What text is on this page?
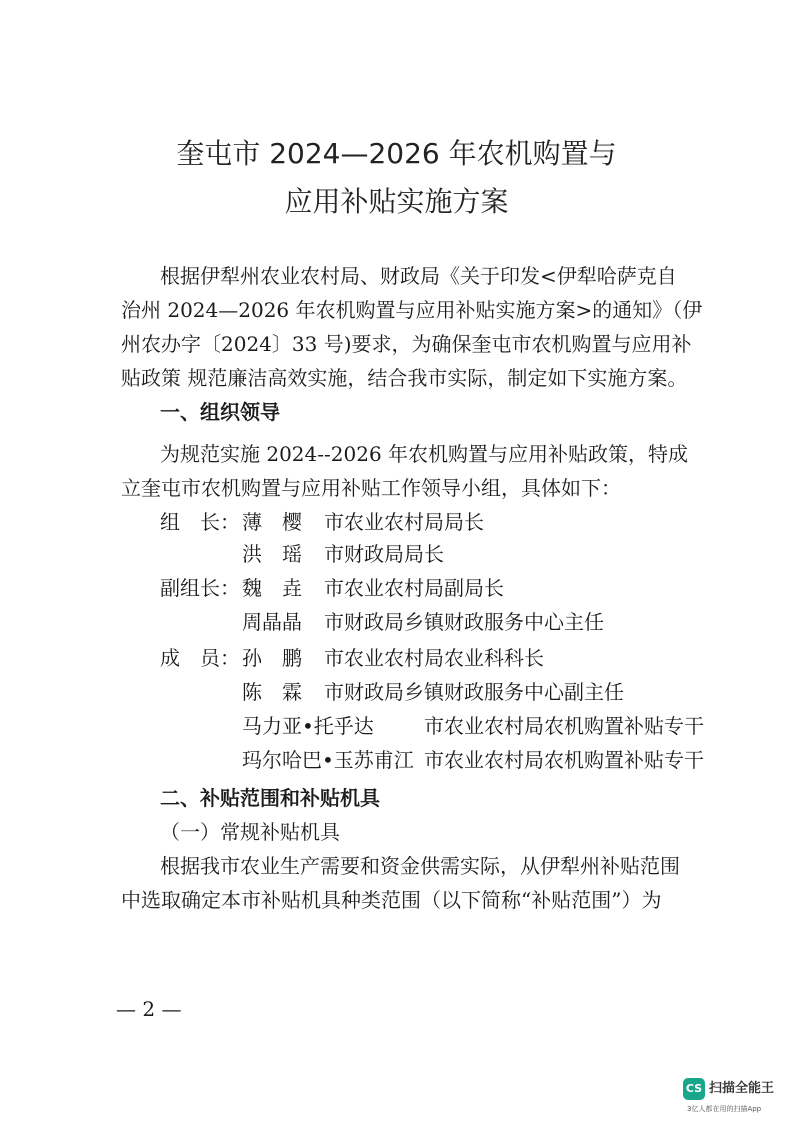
奎屯市 2024—2026 年农机购置与
应用补贴实施方案
根据伊犁州农业农村局、财政局《关于印发<伊犁哈萨克自
治州 2024—2026 年农机购置与应用补贴实施方案>的通知》（伊
州农办字〔2024〕33 号)要求，为确保奎屯市农机购置与应用补
贴政策 规范廉洁高效实施，结合我市实际，制定如下实施方案。
一、组织领导
为规范实施 2024--2026 年农机购置与应用补贴政策，特成
立奎屯市农机购置与应用补贴工作领导小组，具体如下：
组　长： 薄　樱 市农业农村局局长
洪　瑶 市财政局局长
副组长： 魏　垚 市农业农村局副局长
周晶晶 市财政局乡镇财政服务中心主任
成　员： 孙　鹏 市农业农村局农业科科长
陈　霖 市财政局乡镇财政服务中心副主任
马力亚•托乎达	市农业农村局农机购置补贴专干
玛尔哈巴•玉苏甫江 市农业农村局农机购置补贴专干
二、补贴范围和补贴机具
（一）常规补贴机具
根据我市农业生产需要和资金供需实际，从伊犁州补贴范围
中选取确定本市补贴机具种类范围（以下简称“补贴范围”）为
— 2 —
CS 扫描全能王
3亿人都在用的扫描App
